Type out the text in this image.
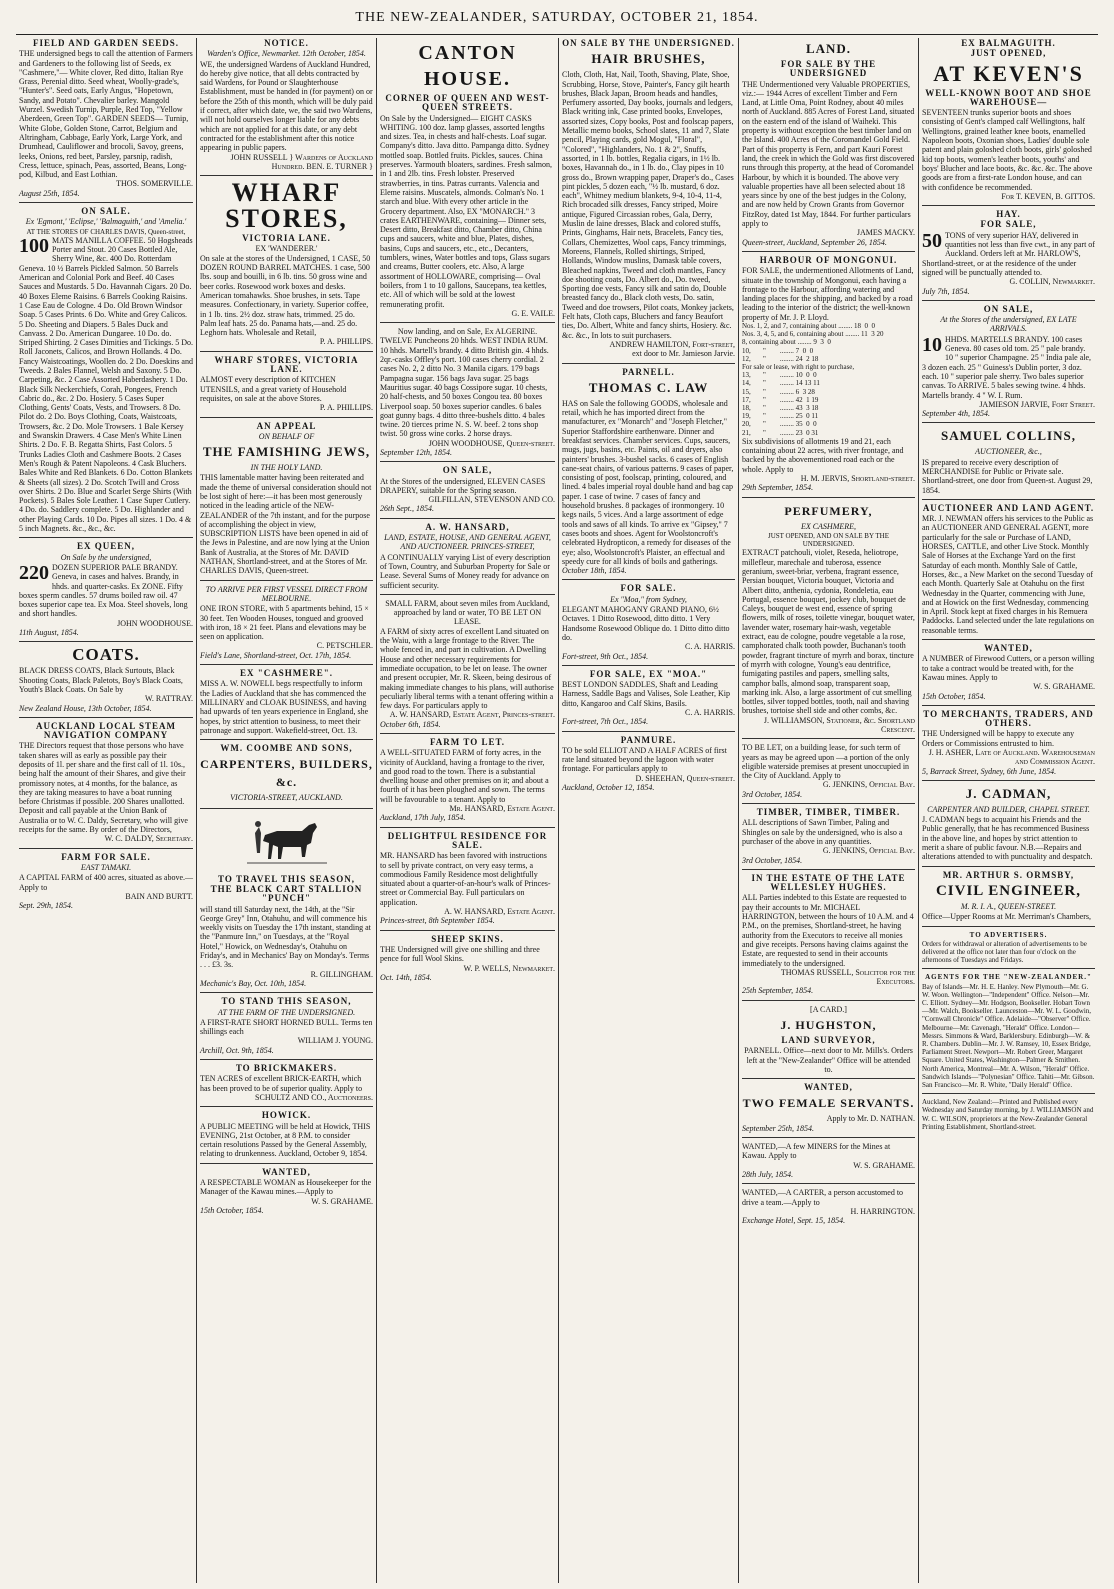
THE NEW-ZEALANDER, SATURDAY, OCTOBER 21, 1854.
FIELD AND GARDEN SEEDS.
THE undersigned begs to call the attention of Farmers and Gardeners to the following list of Seeds, ex "Cashmere,"— White clover, Red ditto, Italian Rye Grass, Perenial ditto. Seed wheat, Woolly-grade's, "Hunter's". Seed oats, Early Angus, "Hopetown, Sandy, and Potato". Chevalier barley. Mangold Wurzel. Swedish Turnip, Purple, Red Top, "Yellow Aberdeen, Green Top". GARDEN SEEDS— Turnip, White Globe, Golden Stone, Carrot, Belgium and Altringham, Cabbage, Early York, Large York, and Drumhead, Cauliflower and brocoli, Savoy, greens, leeks, Onions, red beet, Parsley, parsnip, radish, Cress, lettuce, spinach, Peas, assorted, Beans, Long-pod, Kilbud, and East Lothian.
THOS. SOMERVILLE.
August 25th, 1854.
ON SALE.
Ex 'Egmont,' 'Eclipse,' 'Balmaguith,' and 'Amelia.'
AT THE STORES OF CHARLES DAVIS, Queen-street,
100 MATS MANILLA COFFEE. 50 Hogsheads Porter and Stout. 20 Cases Bottled Ale, Sherry Wine, &c. 400 Do. Rotterdam Geneva. 10 ½ Barrels Pickled Salmon. 50 Barrels American and Colonial Pork and Beef. 40 Cases Sauces and Mustards. 5 Do. Havannah Cigars. 20 Do. 40 Boxes Eleme Raisins. 6 Barrels Cooking Raisins. 1 Case Eau de Cologne. 4 Do. Old Brown Windsor Soap. 5 Cases Prints. 6 Do. White and Grey Calicos. 5 Do. Sheeting and Diapers. 5 Bales Duck and Canvass. 2 Do. American Dungaree. 10 Do. do. Striped Shirting. 2 Cases Dimities and Tickings. 5 Do. Roll Jaconets, Calicos, and Brown Hollands. 4 Do. Fancy Waistcoatings, Woollen do. 2 Do. Doeskins and Tweeds. 2 Bales Flannel, Welsh and Saxony. 5 Do. Carpeting, &c. 2 Case Assorted Haberdashery. 1 Do. Black Silk Neckerchiefs, Corah, Pongees, French Cabric do., &c. 2 Do. Hosiery. 5 Cases Super Clothing, Gents' Coats, Vests, and Trowsers. 8 Do. Pilot do. 2 Do. Boys Clothing, Coats, Waistcoats, Trowsers, &c. 2 Do. Mole Trowsers. 1 Bale Kersey and Swanskin Drawers. 4 Case Men's White Linen Shirts. 2 Do. F. B. Regatta Shirts, Fast Colors. 5 Trunks Ladies Cloth and Cashmere Boots. 2 Cases Men's Rough & Patent Napoleons. 4 Cask Bluchers. Bales White and Red Blankets. 6 Do. Cotton Blankets & Sheets (all sizes). 2 Do. Scotch Twill and Cross over Shirts. 2 Do. Blue and Scarlet Serge Shirts (With Pockets). 5 Bales Sole Leather. 1 Case Super Cutlery. 4 Do. do. Saddlery complete. 5 Do. Highlander and other Playing Cards. 10 Do. Pipes all sizes. 1 Do. 4 & 5 inch Magnets. &c., &c., &c.
EX QUEEN,
On Sale by the undersigned,
220 DOZEN SUPERIOR PALE BRANDY. Geneva, in cases and halves. Brandy, in hhds. and quarter-casks. Ex ZONE. Fifty boxes sperm candles. 57 drums boiled raw oil. 47 boxes superior cape tea. Ex Moa. Steel shovels, long and short handles.
JOHN WOODHOUSE.
11th August, 1854.
COATS.
BLACK DRESS COATS, Black Surtouts, Black Shooting Coats, Black Paletots, Boy's Black Coats, Youth's Black Coats. On Sale by
W. RATTRAY.
New Zealand House, 13th October, 1854.
AUCKLAND LOCAL STEAM NAVIGATION COMPANY
THE Directors request that those persons who have taken shares will as early as possible pay their deposits of 1l. per share and the first call of 1l. 10s., being half the amount of their Shares, and give their promissory notes, at 4 months, for the balance, as they are taking measures to have a boat running before Christmas if possible. 200 Shares unallotted. Deposit and call payable at the Union Bank of Australia or to W. C. Daldy, Secretary, who will give receipts for the same. By order of the Directors,
W. C. DALDY, Secretary.
FARM FOR SALE.
EAST TAMAKI.
A CAPITAL FARM of 400 acres, situated as above.—Apply to
BAIN AND BURTT.
Sept. 29th, 1854.
NOTICE.
Warden's Office, Newmarket. 12th October, 1854.
WE, the undersigned Wardens of Auckland Hundred, do hereby give notice, that all debts contracted by said Wardens, for Pound or Slaughterhouse Establishment, must be handed in (for payment) on or before the 25th of this month, which will be duly paid if correct, after which date, we, the said two Wardens, will not hold ourselves longer liable for any debts which are not applied for at this date, or any debt contracted for the establishment after this notice appearing in public papers.
JOHN RUSSELL } Wardens of Auckland Hundred. BEN. E. TURNER }
WHARF STORES,
VICTORIA LANE.
EX 'WANDERER.'
On sale at the stores of the Undersigned, 1 CASE, 50 DOZEN ROUND BARREL MATCHES. 1 case, 500 lbs. soup and bouilli, in 6 lb. tins. 50 gross wine and beer corks. Rosewood work boxes and desks. American tomahawks. Shoe brushes, in sets. Tape measures. Confectionary, in variety. Superior coffee, in 1 lb. tins. 2½ doz. straw hats, trimmed. 25 do. Palm leaf hats. 25 do. Panama hats,—and. 25 do. Leghorn hats. Wholesale and Retail,
P. A. PHILLIPS.
WHARF STORES, VICTORIA LANE.
ALMOST every description of KITCHEN UTENSILS, and a great variety of Household requisites, on sale at the above Stores.
P. A. PHILLIPS.
AN APPEAL
ON BEHALF OF
THE FAMISHING JEWS,
IN THE HOLY LAND.
THIS lamentable matter having been reiterated and made the theme of universal consideration should not be lost sight of here:—it has been most generously noticed in the leading article of the NEW-ZEALANDER of the 7th instant, and for the purpose of accomplishing the object in view, SUBSCRIPTION LISTS have been opened in aid of the Jews in Palestine, and are now lying at the Union Bank of Australia, at the Stores of Mr. DAVID NATHAN, Shortland-street, and at the Stores of Mr. CHARLES DAVIS, Queen-street.
TO ARRIVE PER FIRST VESSEL DIRECT FROM MELBOURNE.
ONE IRON STORE, with 5 apartments behind, 15 × 30 feet. Ten Wooden Houses, tongued and grooved with iron, 18 × 21 feet. Plans and elevations may be seen on application.
C. PETSCHLER.
Field's Lane, Shortland-street, Oct. 17th, 1854.
EX "CASHMERE".
MISS A. W. NOWELL begs respectfully to inform the Ladies of Auckland that she has commenced the MILLINARY and CLOAK BUSINESS, and having had upwards of ten years experience in England, she hopes, by strict attention to business, to meet their patronage and support. Wakefield-street, Oct. 13.
WM. COOMBE AND SONS,
CARPENTERS, BUILDERS, &c.
VICTORIA-STREET, AUCKLAND.
TO TRAVEL THIS SEASON,
THE BLACK CART STALLION "PUNCH"
will stand till Saturday next, the 14th, at the "Sir George Grey" Inn, Otahuhu, and will commence his weekly visits on Tuesday the 17th instant, standing at the "Panmure Inn," on Tuesdays, at the "Royal Hotel," Howick, on Wednesday's, Otahuhu on Friday's, and in Mechanics' Bay on Monday's. Terms . . . £3. 3s.
R. GILLINGHAM.
Mechanic's Bay, Oct. 10th, 1854.
TO STAND THIS SEASON,
AT THE FARM OF THE UNDERSIGNED.
A FIRST-RATE SHORT HORNED BULL. Terms ten shillings each
WILLIAM J. YOUNG.
Archill, Oct. 9th, 1854.
TO BRICKMAKERS.
TEN ACRES of excellent BRICK-EARTH, which has been proved to be of superior quality. Apply to
SCHULTZ AND CO., Auctioneers.
HOWICK.
A PUBLIC MEETING will be held at Howick, THIS EVENING, 21st October, at 8 P.M. to consider certain resolutions Passed by the General Assembly, relating to drunkenness. Auckland, October 9, 1854.
WANTED,
A RESPECTABLE WOMAN as Housekeeper for the Manager of the Kawau mines.—Apply to
W. S. GRAHAME.
15th October, 1854.
CANTON HOUSE.
CORNER OF QUEEN AND WEST-QUEEN STREETS.
On Sale by the Undersigned— EIGHT CASKS WHITING. 100 doz. lamp glasses, assorted lengths and sizes. Tea, in chests and half-chests. Loaf sugar. Company's ditto. Java ditto. Pampanga ditto. Sydney mottled soap. Bottled fruits. Pickles, sauces. China preserves. Yarmouth bloaters, sardines. Fresh salmon, in 1 and 2lb. tins. Fresh lobster. Preserved strawberries, in tins. Patras currants. Valencia and Eleme raisins. Muscatels, almonds. Colman's No. 1 starch and blue. With every other article in the Grocery department. Also, EX "MONARCH." 3 crates EARTHENWARE, containing— Dinner sets, Desert ditto, Breakfast ditto, Chamber ditto, China cups and saucers, white and blue, Plates, dishes, basins, Cups and saucers, etc., etc., Decanters, tumblers, wines, Water bottles and tops, Glass sugars and creams, Butter coolers, etc. Also, A large assortment of HOLLOWARE, comprising— Oval boilers, from 1 to 10 gallons, Saucepans, tea kettles, etc. All of which will be sold at the lowest remunerating profit.
G. E. VAILE.
Now landing, and on Sale, Ex ALGERINE.
TWELVE Puncheons 20 hhds. WEST INDIA RUM. 10 hhds. Martell's brandy. 4 ditto British gin. 4 hhds. 2qr.-casks Offley's port. 100 cases cherry cordial. 2 cases No. 2, 2 ditto No. 3 Manila cigars. 179 bags Pampagna sugar. 156 bags Java sugar. 25 bags Mauritius sugar. 40 bags Cossipore sugar. 10 chests, 20 half-chests, and 50 boxes Congou tea. 80 boxes Liverpool soap. 50 boxes superior candles. 6 bales goat gunny bags. 4 ditto three-bushels ditto. 4 bales twine. 20 tierces prime N. S. W. beef. 2 tons shop twist. 50 gross wine corks. 2 horse drays.
JOHN WOODHOUSE, Queen-street.
September 12th, 1854.
ON SALE,
At the Stores of the undersigned, ELEVEN CASES DRAPERY, suitable for the Spring season.
GILFILLAN, STEVENSON AND CO.
26th Sept., 1854.
A. W. HANSARD,
LAND, ESTATE, HOUSE, AND GENERAL AGENT, AND AUCTIONEER. PRINCES-STREET,
A CONTINUALLY varying List of every description of Town, Country, and Suburban Property for Sale or Lease. Several Sums of Money ready for advance on sufficient security.
SMALL FARM, about seven miles from Auckland, approached by land or water, TO BE LET ON LEASE.
A FARM of sixty acres of excellent Land situated on the Waiu, with a large frontage to the River. The whole fenced in, and part in cultivation. A Dwelling House and other necessary requirements for immediate occupation, to be let on lease. The owner and present occupier, Mr. R. Skeen, being desirous of making immediate changes to his plans, will authorise peculiarly liberal terms with a tenant offering within a few days. For particulars apply to
A. W. HANSARD, Estate Agent, Princes-street.
October 6th, 1854.
FARM TO LET.
A WELL-SITUATED FARM of forty acres, in the vicinity of Auckland, having a frontage to the river, and good road to the town. There is a substantial dwelling house and other premises on it; and about a fourth of it has been ploughed and sown. The terms will be favourable to a tenant. Apply to
Mr. HANSARD, Estate Agent.
Auckland, 17th July, 1854.
DELIGHTFUL RESIDENCE FOR SALE.
MR. HANSARD has been favored with instructions to sell by private contract, on very easy terms, a commodious Family Residence most delightfully situated about a quarter-of-an-hour's walk of Princes-street or Commercial Bay. Full particulars on application.
A. W. HANSARD, Estate Agent.
Princes-street, 8th September 1854.
SHEEP SKINS.
THE Undersigned will give one shilling and three pence for full Wool Skins.
W. P. WELLS, Newmarket.
Oct. 14th, 1854.
ON SALE BY THE UNDERSIGNED.
HAIR BRUSHES,
Cloth, Cloth, Hat, Nail, Tooth, Shaving, Plate, Shoe, Scrubbing, Horse, Stove, Painter's, Fancy gilt hearth brushes, Black Japan, Broom heads and handles, Perfumery assorted, Day books, journals and ledgers, Black writing ink, Case printed books, Envelopes, assorted sizes, Copy books, Post and foolscap papers, Metallic memo books, School slates, 11 and 7, Slate pencil, Playing cards, gold Mogul, "Floral", "Colored", "Highlanders, No. 1 & 2", Snuffs, assorted, in 1 lb. bottles, Regalia cigars, in 1½ lb. boxes, Havannah do., in 1 lb. do., Clay pipes in 10 gross do., Brown wrapping paper, Draper's do., Cases pint pickles, 5 dozen each, "½ lb. mustard, 6 doz. each", Whitney medium blankets, 9-4, 10-4, 11-4, Rich brocaded silk dresses, Fancy striped, Moire antique, Figured Circassian robes, Gala, Derry, Muslin de laine dresses, Black and colored stuffs, Prints, Ginghams, Hair nets, Bracelets, Fancy ties, Collars, Chemizettes, Wool caps, Fancy trimmings, Moreens, Flannels, Rolled shirtings, Striped, Hollands, Window muslins, Damask table covers, Bleached napkins, Tweed and cloth mantles, Fancy doe shooting coats, Do. Albert do., Do. tweed, Sporting doe vests, Fancy silk and satin do, Double breasted fancy do., Black cloth vests, Do. satin, Tweed and doe trowsers, Pilot coats, Monkey jackets, Felt hats, Cloth caps, Bluchers and fancy Beaufort ties, Do. Albert, White and fancy shirts, Hosiery. &c. &c. &c., In lots to suit purchasers.
ANDREW HAMILTON, Fort-street,
ext door to Mr. Jamieson Jarvie.
PARNELL.
THOMAS C. LAW
HAS on Sale the following GOODS, wholesale and retail, which he has imported direct from the manufacturer, ex "Monarch" and "Joseph Fletcher," Superior Staffordshire earthenware. Dinner and breakfast services. Chamber services. Cups, saucers, mugs, jugs, basins, etc. Paints, oil and dryers, also painters' brushes. 3-bushel sacks. 6 cases of English cane-seat chairs, of various patterns. 9 cases of paper, consisting of post, foolscap, printing, coloured, and lined. 4 bales imperial royal double hand and bag cap paper. 1 case of twine. 7 cases of fancy and household brushes. 8 packages of ironmongery. 10 kegs nails, 5 vices. And a large assortment of edge tools and saws of all kinds. To arrive ex "Gipsey," 7 cases boots and shoes. Agent for Woolstoncroft's celebrated Hydropticon, a remedy for diseases of the eye; also, Woolstoncroft's Plaister, an effectual and speedy cure for all kinds of boils and gatherings.
October 18th, 1854.
FOR SALE.
Ex "Moa," from Sydney,
ELEGANT MAHOGANY GRAND PIANO, 6½ Octaves. 1 Ditto Rosewood, ditto ditto. 1 Very Handsome Rosewood Oblique do. 1 Ditto ditto ditto do.
C. A. HARRIS.
Fort-street, 9th Oct., 1854.
FOR SALE, EX "MOA."
BEST LONDON SADDLES, Shaft and Leading Harness, Saddle Bags and Valises, Sole Leather, Kip ditto, Kangaroo and Calf Skins, Basils.
C. A. HARRIS.
Fort-street, 7th Oct., 1854.
PANMURE.
TO be sold ELLIOT AND A HALF ACRES of first rate land situated beyond the lagoon with water frontage. For particulars apply to
D. SHEEHAN, Queen-street.
Auckland, October 12, 1854.
LAND.
FOR SALE BY THE UNDERSIGNED
THE Undermentioned very Valuable PROPERTIES, viz.:— 1944 Acres of excellent Timber and Fern Land, at Little Oma, Point Rodney, about 40 miles north of Auckland. 885 Acres of Forest Land, situated on the eastern end of the island of Waiheki. This property is without exception the best timber land on the Island. 400 Acres of the Coromandel Gold Field. Part of this property is Fern, and part Kauri Forest land, the creek in which the Gold was first discovered runs through this property, at the head of Coromandel Harbour, by which it is bounded. The above very valuable properties have all been selected about 18 years since by one of the best judges in the Colony, and are now held by Crown Grants from Governor FitzRoy, dated 1st May, 1844. For further particulars apply to
JAMES MACKY.
Queen-street, Auckland, September 26, 1854.
HARBOUR OF MONGONUI.
FOR SALE, the undermentioned Allotments of Land, situate in the township of Mongonui, each having a frontage to the Harbour, affording watering and landing places for the shipping, and backed by a road leading to the interior of the district; the well-known property of Mr. J. P. Lloyd.
Nos. 1, 2, and 7, containing about ........ 18  0  0
Nos. 3, 4, 5, and 6, containing about ........ 11  3 20
8, containing about ........ 9  3  0
10,       "        ........ 7  0  0
12,       "        ........ 24  2 18
For sale or lease, with right to purchase,
13,       "        ........ 10  0  0
14,       "        ........ 14 13 11
15,       "        ........ 6  3 28
17,       "        ........ 42  1 19
18,       "        ........ 43  3 18
19,       "        ........ 25  0 11
20,       "        ........ 35  0  0
21,       "        ........ 23  0 31
Six subdivisions of allotments 19 and 21, each containing about 22 acres, with river frontage, and backed by the abovementioned road each or the whole. Apply to
H. M. JERVIS, Shortland-street.
29th September, 1854.
PERFUMERY,
EX CASHMERE,
JUST OPENED, AND ON SALE BY THE UNDERSIGNED.
EXTRACT patchouli, violet, Reseda, heliotrope, millefleur, marechale and tuberosa, essence geranium, sweet-briar, verbena, fragrant essence, Persian bouquet, Victoria bouquet, Victoria and Albert ditto, anthenia, cydonia, Rondeletia, eau Portugal, essence bouquet, jockey club, bouquet de Caleys, bouquet de west end, essence of spring flowers, milk of roses, toilette vinegar, bouquet water, lavender water, rosemary hair-wash, vegetable extract, eau de cologne, poudre vegetable a la rose, camphorated chalk tooth powder, Buchanan's tooth powder, fragrant tincture of myrrh and borax, tincture of myrrh with cologne, Young's eau dentrifice, fumigating pastiles and papers, smelling salts, camphor balls, almond soap, transparent soap, marking ink. Also, a large assortment of cut smelling bottles, silver topped bottles, tooth, nail and shaving brushes, tortoise shell side and other combs, &c.
J. WILLIAMSON, Stationer, &c. Shortland Crescent.
TO BE LET, on a building lease, for such term of years as may be agreed upon —a portion of the only eligible waterside premises at present unoccupied in the City of Auckland. Apply to
G. JENKINS, Official Bay.
3rd October, 1854.
TIMBER, TIMBER, TIMBER.
ALL descriptions of Sawn Timber, Paling and Shingles on sale by the undersigned, who is also a purchaser of the above in any quantities.
G. JENKINS, Official Bay.
3rd October, 1854.
IN THE ESTATE OF THE LATE WELLESLEY HUGHES.
ALL Parties indebted to this Estate are requested to pay their accounts to Mr. MICHAEL HARRINGTON, between the hours of 10 A.M. and 4 P.M., on the premises, Shortland-street, he having authority from the Executors to receive all monies and give receipts. Persons having claims against the Estate, are requested to send in their accounts immediately to the undersigned.
THOMAS RUSSELL, Solicitor for the Executors.
25th September, 1854.
[A CARD.]
J. HUGHSTON,
LAND SURVEYOR,
PARNELL. Office—next door to Mr. Mills's. Orders left at the "New-Zealander" Office will be attended to.
WANTED,
TWO FEMALE SERVANTS.
Apply to Mr. D. NATHAN.
September 25th, 1854.
WANTED,—A few MINERS for the Mines at Kawau. Apply to
W. S. GRAHAME.
28th July, 1854.
WANTED,—A CARTER, a person accustomed to drive a team.—Apply to
H. HARRINGTON.
Exchange Hotel, Sept. 15, 1854.
EX BALMAGUITH.
JUST OPENED,
AT KEVEN'S
WELL-KNOWN BOOT AND SHOE WAREHOUSE—
SEVENTEEN trunks superior boots and shoes consisting of Gent's clamped calf Wellingtons, half Wellingtons, grained leather knee boots, enamelled Napoleon boots, Oxonian shoes, Ladies' double sole patent and plain goloshed cloth boots, girls' goloshed kid top boots, women's leather boots, youths' and boys' Blucher and lace boots, &c. &c. &c. The above goods are from a first-rate London house, and can with confidence be recommended.
For T. KEVEN, B. GITTOS.
HAY.
FOR SALE,
50 TONS of very superior HAY, delivered in quantities not less than five cwt., in any part of Auckland. Orders left at Mr. HARLOW'S, Shortland-street, or at the residence of the under signed will be punctually attended to.
G. COLLIN, Newmarket.
July 7th, 1854.
ON SALE,
At the Stores of the undersigned, EX LATE ARRIVALS.
10 HHDS. MARTELLS BRANDY. 100 cases Geneva. 80 cases old tom. 25 " pale brandy. 10 " superior Champagne. 25 " India pale ale, 3 dozen each. 25 " Guiness's Dublin porter, 3 doz. each. 10 " superior pale sherry. Two bales superior canvas. To ARRIVE. 5 bales sewing twine. 4 hhds. Martells brandy. 4 " W. I. Rum.
JAMIESON JARVIE, Fort Street.
September 4th, 1854.
SAMUEL COLLINS,
AUCTIONEER, &c.,
IS prepared to receive every description of MERCHANDISE for Public or Private sale. Shortland-street, one door from Queen-st. August 29, 1854.
AUCTIONEER AND LAND AGENT.
MR. J. NEWMAN offers his services to the Public as an AUCTIONEER AND GENERAL AGENT, more particularly for the sale or Purchase of LAND, HORSES, CATTLE, and other Live Stock. Monthly Sale of Horses at the Exchange Yard on the first Saturday of each month. Monthly Sale of Cattle, Horses, &c., a New Market on the second Tuesday of each Month. Quarterly Sale at Otahuhu on the first Wednesday in the Quarter, commencing with June, and at Howick on the first Wednesday, commencing in April. Stock kept at fixed charges in his Remuera Paddocks. Land selected under the late regulations on reasonable terms.
WANTED,
A NUMBER of Firewood Cutters, or a person willing to take a contract would be treated with, for the Kawau mines. Apply to
W. S. GRAHAME.
15th October, 1854.
TO MERCHANTS, TRADERS, AND OTHERS.
THE Undersigned will be happy to execute any Orders or Commissions entrusted to him.
J. H. ASHER, Late of Auckland. Warehouseman and Commission Agent.
5, Barrack Street, Sydney, 6th June, 1854.
J. CADMAN,
CARPENTER AND BUILDER, CHAPEL STREET.
J. CADMAN begs to acquaint his Friends and the Public generally, that he has recommenced Business in the above line, and hopes by strict attention to merit a share of public favour. N.B.—Repairs and alterations attended to with punctuality and despatch.
MR. ARTHUR S. ORMSBY,
CIVIL ENGINEER,
M. R. I. A., QUEEN-STREET.
Office—Upper Rooms at Mr. Merriman's Chambers,
TO ADVERTISERS.
Orders for withdrawal or alteration of advertisements to be delivered at the office not later than four o'clock on the afternoons of Tuesdays and Fridays.
AGENTS FOR THE "NEW-ZEALANDER."
Bay of Islands—Mr. H. E. Hanley. New Plymouth—Mr. G. W. Woon. Wellington—"Independent" Office. Nelson—Mr. C. Elliott. Sydney—Mr. Hodgson, Bookseller. Hobart Town—Mr. Walch, Bookseller. Launceston—Mr. W. L. Goodwin, "Cornwall Chronicle" Office. Adelaide—"Observer" Office. Melbourne—Mr. Cavenagh, "Herald" Office. London—Messrs. Simmons & Ward, Barklersbury. Edinburgh—W. & R. Chambers. Dublin—Mr. J. W. Ramsey, 10, Essex Bridge, Parliament Street. Newport—Mr. Robert Greer, Margaret Square. United States, Washington—Palmer & Smithen. North America, Montreal—Mr. A. Wilson, "Herald" Office. Sandwich Islands—"Polynesian" Office. Tahiti—Mr. Gibson. San Francisco—Mr. R. White, "Daily Herald" Office.
Auckland, New Zealand:—Printed and Published every Wednesday and Saturday morning, by J. WILLIAMSON and W. C. WILSON, proprietors at the New-Zealander General Printing Establishment, Shortland-street.
